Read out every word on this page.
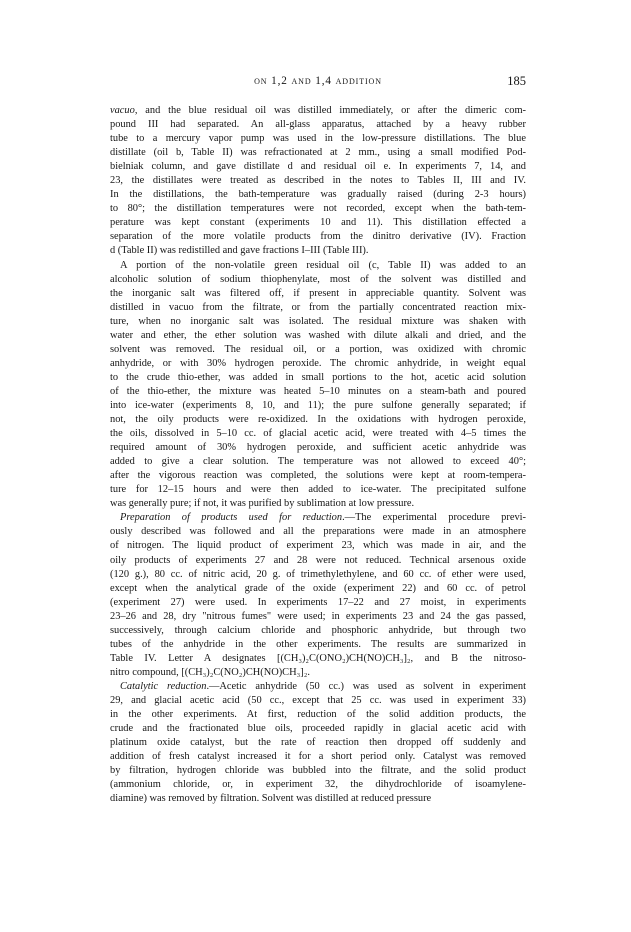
on 1,2 and 1,4 addition	185
vacuo, and the blue residual oil was distilled immediately, or after the dimeric com-
pound III had separated. An all-glass apparatus, attached by a heavy rubber
tube to a mercury vapor pump was used in the low-pressure distillations. The blue
distillate (oil b, Table II) was refractionated at 2 mm., using a small modified Pod-
bielniak column, and gave distillate d and residual oil e. In experiments 7, 14, and
23, the distillates were treated as described in the notes to Tables II, III and IV.
In the distillations, the bath-temperature was gradually raised (during 2-3 hours)
to 80°; the distillation temperatures were not recorded, except when the bath-tem-
perature was kept constant (experiments 10 and 11). This distillation effected a
separation of the more volatile products from the dinitro derivative (IV). Fraction
d (Table II) was redistilled and gave fractions I–III (Table III).
A portion of the non-volatile green residual oil (c, Table II) was added to an
alcoholic solution of sodium thiophenylate, most of the solvent was distilled and
the inorganic salt was filtered off, if present in appreciable quantity. Solvent was
distilled in vacuo from the filtrate, or from the partially concentrated reaction mix-
ture, when no inorganic salt was isolated. The residual mixture was shaken with
water and ether, the ether solution was washed with dilute alkali and dried, and the
solvent was removed. The residual oil, or a portion, was oxidized with chromic
anhydride, or with 30% hydrogen peroxide. The chromic anhydride, in weight equal
to the crude thio-ether, was added in small portions to the hot, acetic acid solution
of the thio-ether, the mixture was heated 5–10 minutes on a steam-bath and poured
into ice-water (experiments 8, 10, and 11); the pure sulfone generally separated; if
not, the oily products were re-oxidized. In the oxidations with hydrogen peroxide,
the oils, dissolved in 5–10 cc. of glacial acetic acid, were treated with 4–5 times the
required amount of 30% hydrogen peroxide, and sufficient acetic anhydride was
added to give a clear solution. The temperature was not allowed to exceed 40°;
after the vigorous reaction was completed, the solutions were kept at room-tempera-
ture for 12–15 hours and were then added to ice-water. The precipitated sulfone
was generally pure; if not, it was purified by sublimation at low pressure.
Preparation of products used for reduction.—The experimental procedure previ-
ously described was followed and all the preparations were made in an atmosphere
of nitrogen. The liquid product of experiment 23, which was made in air, and the
oily products of experiments 27 and 28 were not reduced. Technical arsenous oxide
(120 g.), 80 cc. of nitric acid, 20 g. of trimethylethylene, and 60 cc. of ether were used,
except when the analytical grade of the oxide (experiment 22) and 60 cc. of petrol
(experiment 27) were used. In experiments 17–22 and 27 moist, in experiments
23–26 and 28, dry "nitrous fumes" were used; in experiments 23 and 24 the gas passed,
successively, through calcium chloride and phosphoric anhydride, but through two
tubes of the anhydride in the other experiments. The results are summarized in
Table IV. Letter A designates [(CH₃)₂C(ONO₂)CH(NO)CH₃]₂, and B the nitroso-
nitro compound, [(CH₃)₂C(NO₂)CH(NO)CH₃]₂.
Catalytic reduction.—Acetic anhydride (50 cc.) was used as solvent in experiment
29, and glacial acetic acid (50 cc., except that 25 cc. was used in experiment 33)
in the other experiments. At first, reduction of the solid addition products, the
crude and the fractionated blue oils, proceeded rapidly in glacial acetic acid with
platinum oxide catalyst, but the rate of reaction then dropped off suddenly and
addition of fresh catalyst increased it for a short period only. Catalyst was removed
by filtration, hydrogen chloride was bubbled into the filtrate, and the solid product
(ammonium chloride, or, in experiment 32, the dihydrochloride of isoamylene-
diamine) was removed by filtration. Solvent was distilled at reduced pressure
